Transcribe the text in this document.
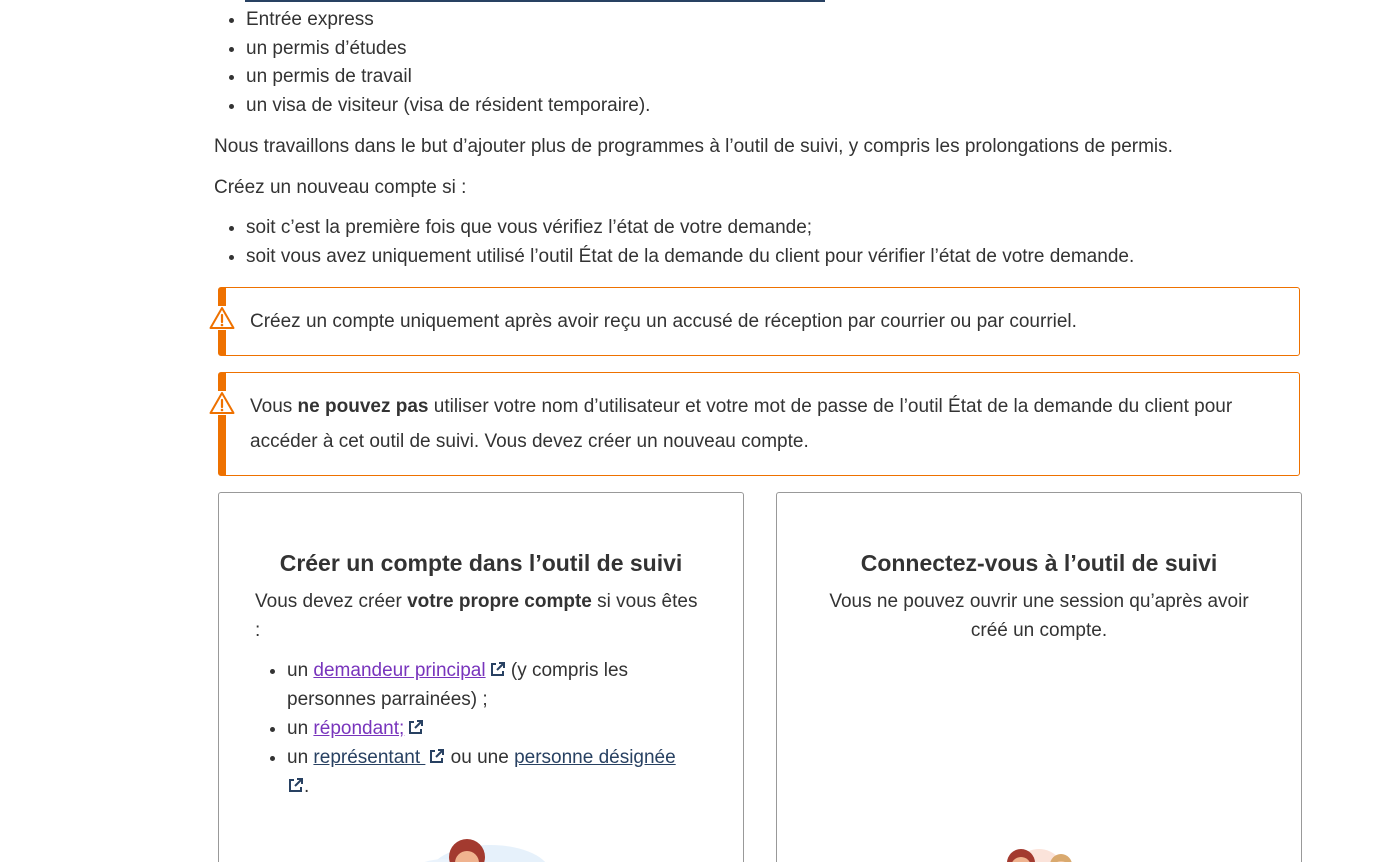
• Entrée express
• un permis d’études
• un permis de travail
• un visa de visiteur (visa de résident temporaire).

Nous travaillons dans le but d’ajouter plus de programmes à l’outil de suivi, y compris les prolongations de permis.

Créez un nouveau compte si :

• soit c’est la première fois que vous vérifiez l’état de votre demande;
• soit vous avez uniquement utilisé l’outil État de la demande du client pour vérifier l’état de votre demande.
Créez un compte uniquement après avoir reçu un accusé de réception par courrier ou par courriel.
Vous ne pouvez pas utiliser votre nom d’utilisateur et votre mot de passe de l’outil État de la demande du client pour accéder à cet outil de suivi. Vous devez créer un nouveau compte.
Créer un compte dans l’outil de suivi

Vous devez créer votre propre compte si vous êtes :

• un demandeur principal (y compris les personnes parrainées) ;
• un répondant;
• un représentant  ou une personne désignée
.
Connectez-vous à l’outil de suivi

Vous ne pouvez ouvrir une session qu’après avoir créé un compte.
